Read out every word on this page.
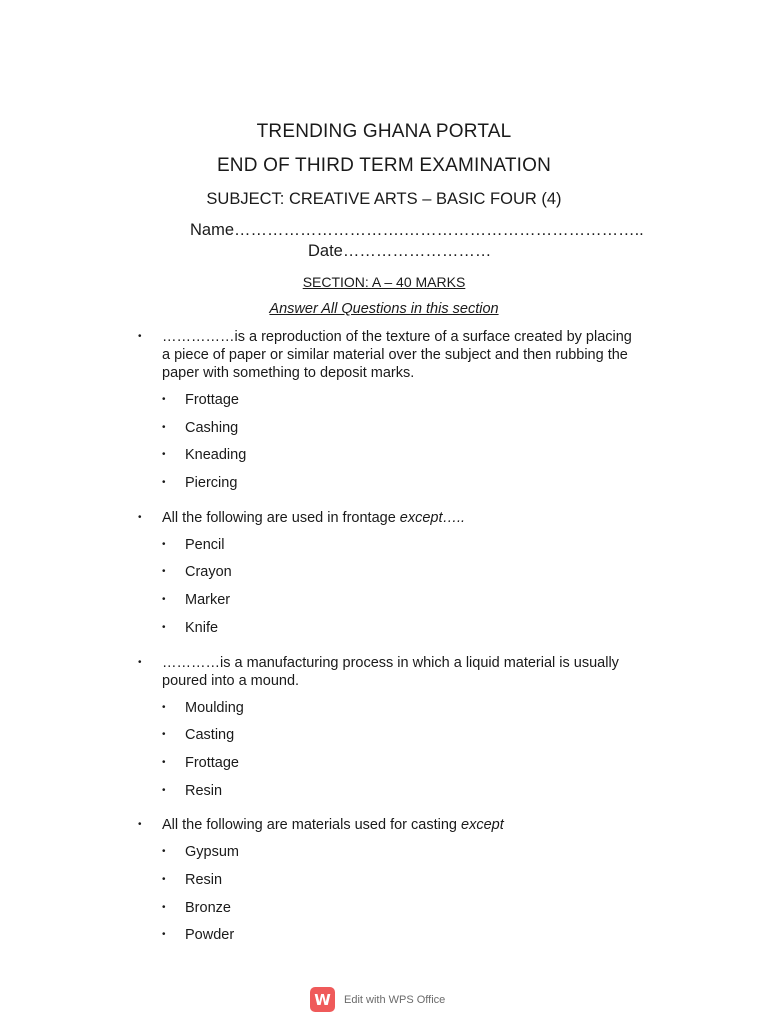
TRENDING GHANA PORTAL
END OF THIRD TERM EXAMINATION
SUBJECT: CREATIVE ARTS – BASIC FOUR (4)
Name………………………….……………………………………..
Date………………………
SECTION: A – 40 MARKS
Answer All Questions in this section
• ……………is a reproduction of the texture of a surface created by placing a piece of paper or similar material over the subject and then rubbing the paper with something to deposit marks.
• Frottage
• Cashing
• Kneading
• Piercing
• All the following are used in frontage except…..
• Pencil
• Crayon
• Marker
• Knife
• …………is a manufacturing process in which a liquid material is usually poured into a mound.
• Moulding
• Casting
• Frottage
• Resin
• All the following are materials used for casting except
• Gypsum
• Resin
• Bronze
• Powder
W	Edit with WPS Office
